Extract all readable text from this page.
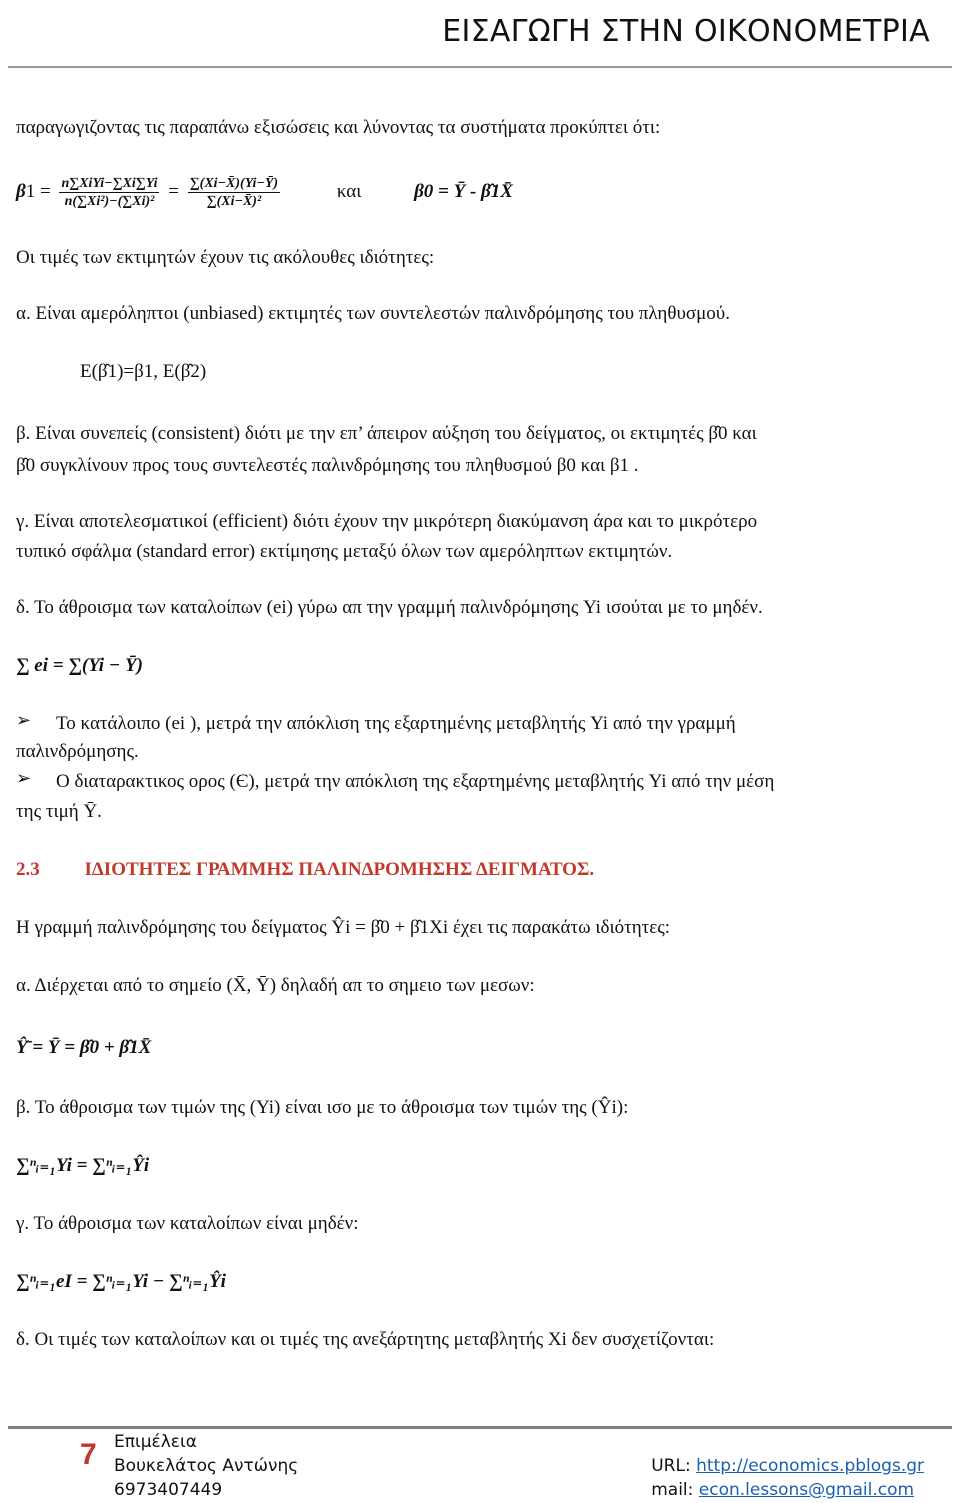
ΕΙΣΑΓΩΓΗ ΣΤΗΝ ΟΙΚΟΝΟΜΕΤΡΙΑ
παραγωγιζοντας τις παραπάνω εξισώσεις και λύνοντας τα συστήματα προκύπτει ότι:
$\beta 1 = \frac{\text{n∑XiYi−∑Xi∑Yi}}{\text{n(∑Xi²)−(∑Xi)²}} = \frac{\sum(Xi-X̄)(Yi-Ȳ)}{\text{∑(Xi−X̄)²}}$	και	β0 = Ȳ - β̂1X̄
Οι τιμές των εκτιμητών έχουν τις ακόλουθες ιδιότητες:
α. Είναι αμερόληπτοι (unbiased) εκτιμητές των συντελεστών παλινδρόμησης του πληθυσμού.
E(β̂1)=β1, E(β̂2)
β. Είναι συνεπείς (consistent) διότι με την επ’ άπειρον αύξηση του δείγματος, οι εκτιμητές β̂0 και
β̂0 συγκλίνουν προς τους συντελεστές παλινδρόμησης του πληθυσμού β0 και β1 .
γ. Είναι αποτελεσματικοί (efficient) διότι έχουν την μικρότερη διακύμανση άρα και το μικρότερο
τυπικό σφάλμα (standard error) εκτίμησης μεταξύ όλων των αμερόληπτων εκτιμητών.
δ. Το άθροισμα των καταλοίπων (ei) γύρω απ την γραμμή παλινδρόμησης Yi ισούται με το μηδέν.
∑ ei = ∑(Yi − Ȳ)
➢ Το κατάλοιπο (ei ), μετρά την απόκλιση της εξαρτημένης μεταβλητής Yi από την γραμμή
παλινδρόμησης.
➢ Ο διαταρακτικος ορος (Є), μετρά την απόκλιση της εξαρτημένης μεταβλητής Yi από την μέση
της τιμή Ȳ.
2.3 ΙΔΙΟΤΗΤΕΣ ΓΡΑΜΜΗΣ ΠΑΛΙΝΔΡΟΜΗΣΗΣ ΔΕΙΓΜΑΤΟΣ.
Η γραμμή παλινδρόμησης του δείγματος Ŷi = β̂0 + β̂1Xi έχει τις παρακάτω ιδιότητες:
α. Διέρχεται από το σημείο (X̄, Ȳ) δηλαδή απ το σημειο των μεσων:
Ŷ̄ = Ȳ = β̂0 + β̂1X̄
β. Το άθροισμα των τιμών της (Yi) είναι ισο με το άθροισμα των τιμών της (Ŷi):
∑ⁿᵢ₌₁Yi = ∑ⁿᵢ₌₁Ŷi
γ. Το άθροισμα των καταλοίπων είναι μηδέν:
∑ⁿᵢ₌₁eI = ∑ⁿᵢ₌₁Yi − ∑ⁿᵢ₌₁Ŷi
δ. Οι τιμές των καταλοίπων και οι τιμές της ανεξάρτητης μεταβλητής Xi δεν συσχετίζονται:
7 Επιμέλεια
Βουκελάτος Αντώνης
6973407449
URL: http://economics.pblogs.gr
mail: econ.lessons@gmail.com
